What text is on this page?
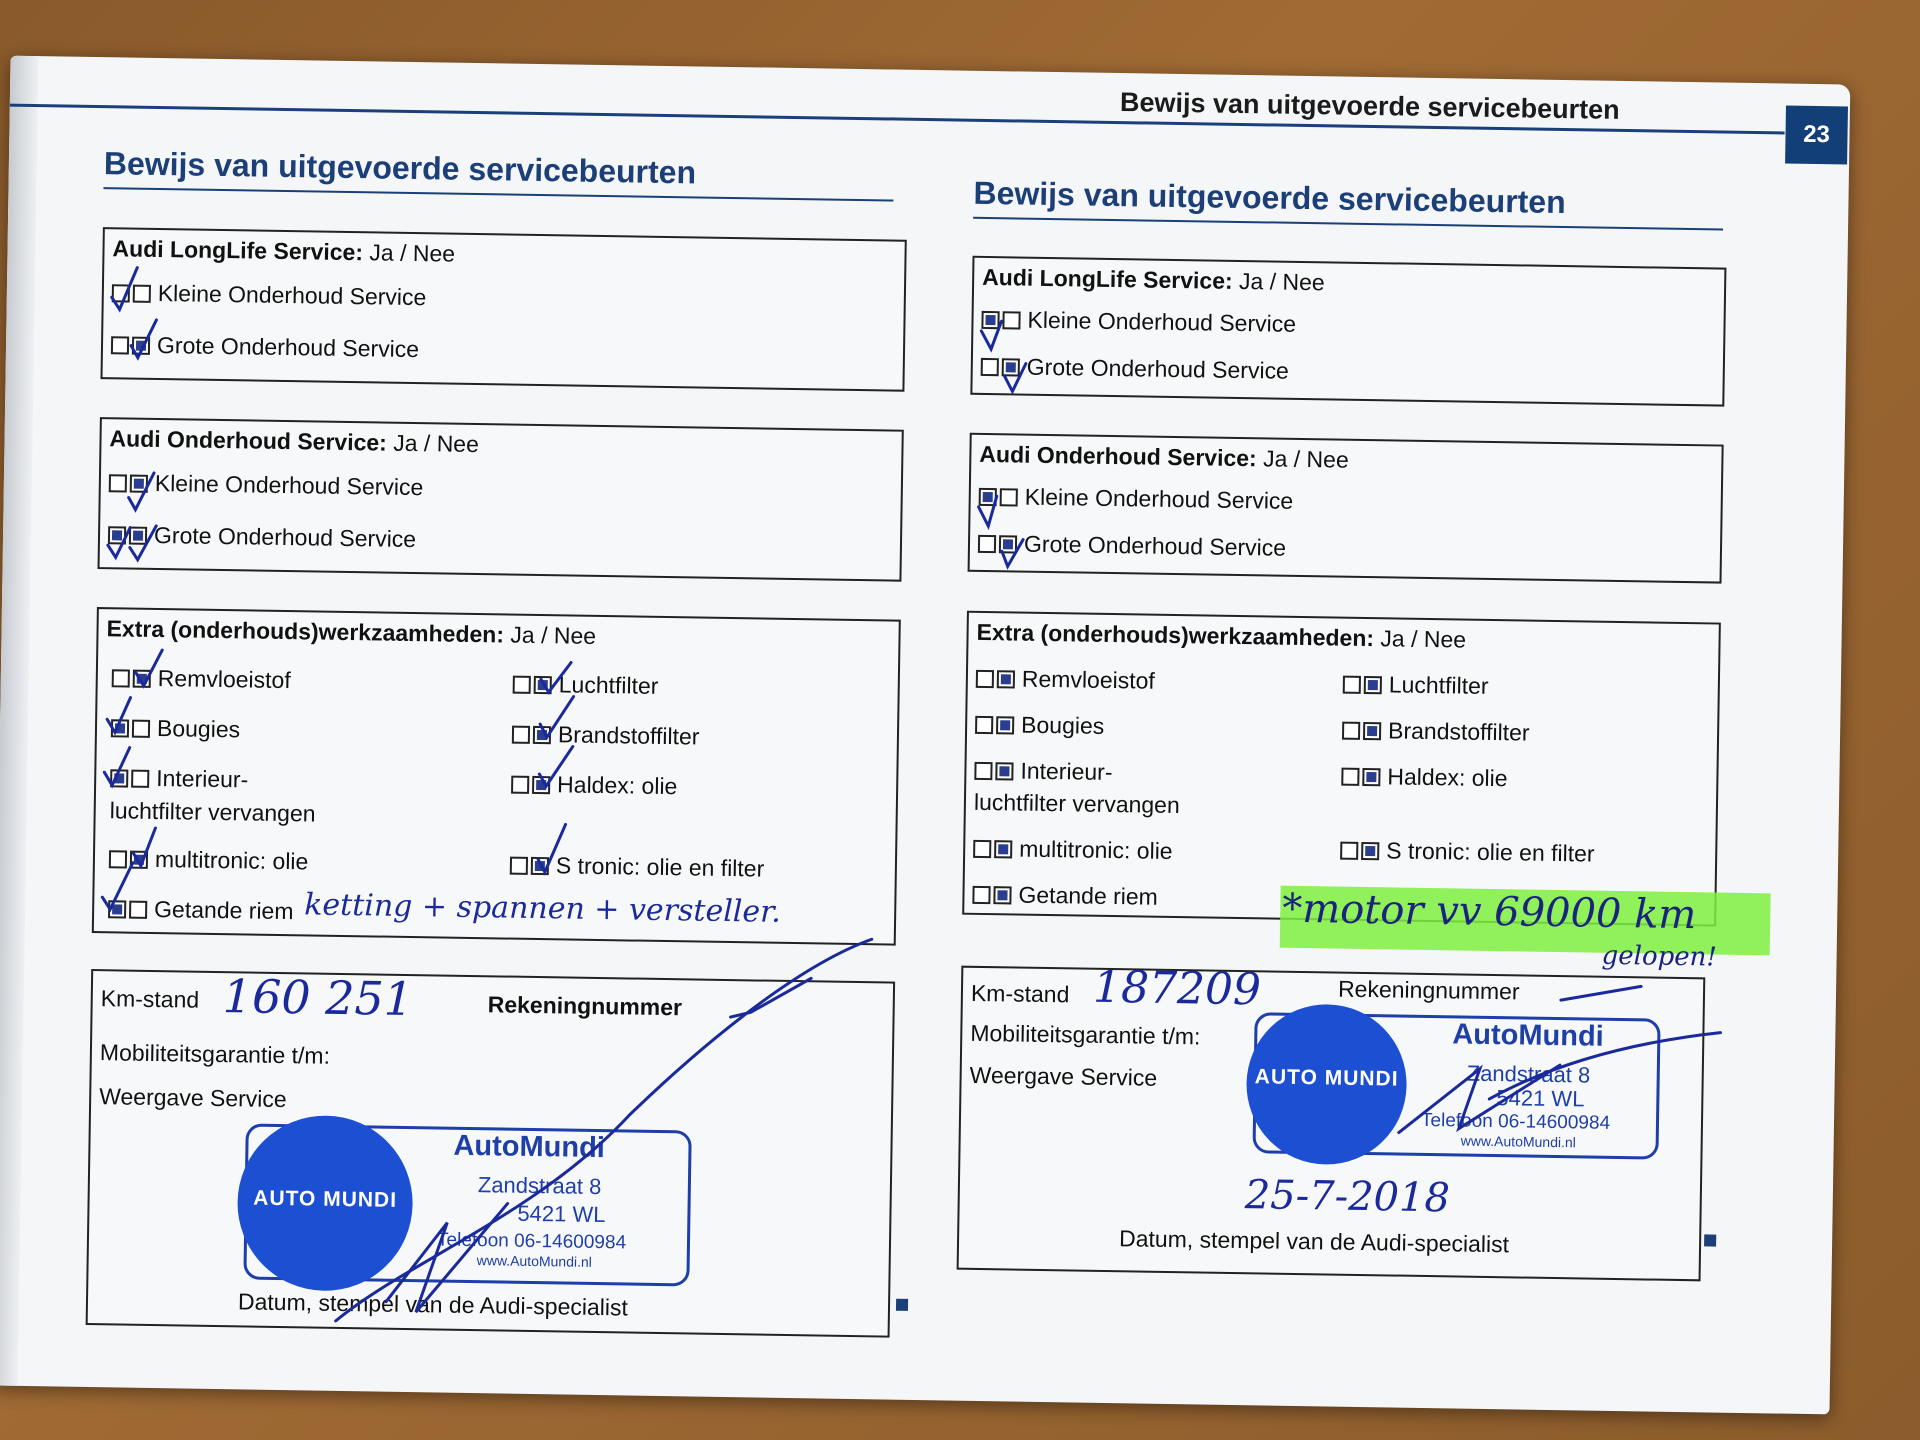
Bewijs van uitgevoerde servicebeurten
23
Bewijs van uitgevoerde servicebeurten
Audi LongLife Service: Ja / Nee
Kleine Onderhoud Service
Grote Onderhoud Service
Audi Onderhoud Service: Ja / Nee
Kleine Onderhoud Service
Grote Onderhoud Service
Extra (onderhouds)werkzaamheden: Ja / Nee
Remvloeistof
Bougies
Interieur-
luchtfilter vervangen
multitronic: olie
Getande riem
Luchtfilter
Brandstoffilter
Haldex: olie
S tronic: olie en filter
ketting + spannen + versteller.
Km-stand 160 251	Rekeningnummer
Mobiliteitsgarantie t/m:
Weergave Service
AUTO MUNDI
AutoMundi
Zandstraat 8
5421 WL
Telefoon 06-14600984
www.AutoMundi.nl
Datum, stempel van de Audi-specialist
Bewijs van uitgevoerde servicebeurten
Audi LongLife Service: Ja / Nee
Kleine Onderhoud Service
Grote Onderhoud Service
Audi Onderhoud Service: Ja / Nee
Kleine Onderhoud Service
Grote Onderhoud Service
Extra (onderhouds)werkzaamheden: Ja / Nee
Remvloeistof
Bougies
Interieur-
luchtfilter vervangen
multitronic: olie
Getande riem
Luchtfilter
Brandstoffilter
Haldex: olie
S tronic: olie en filter
*motor vv 69000 km
gelopen!
Km-stand 187209	Rekeningnummer
Mobiliteitsgarantie t/m:
Weergave Service	AUTO MUNDI
AutoMundi
Zandstraat 8
5421 WL
Telefoon 06-14600984
www.AutoMundi.nl
25-7-2018
Datum, stempel van de Audi-specialist
